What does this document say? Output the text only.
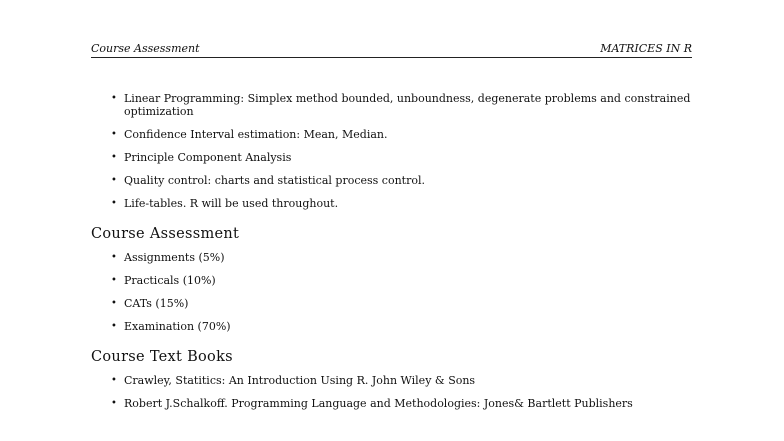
Course Assessment	MATRICES IN R
• Linear Programming: Simplex method bounded, unboundness, degenerate problems and constrained optimization
• Confidence Interval estimation: Mean, Median.
• Principle Component Analysis
• Quality control: charts and statistical process control.
• Life-tables. R will be used throughout.
Course Assessment
• Assignments (5%)
• Practicals (10%)
• CATs (15%)
• Examination (70%)
Course Text Books
• Crawley, Statitics: An Introduction Using R. John Wiley & Sons
• Robert J.Schalkoff. Programming Language and Methodologies: Jones& Bartlett Publishers
